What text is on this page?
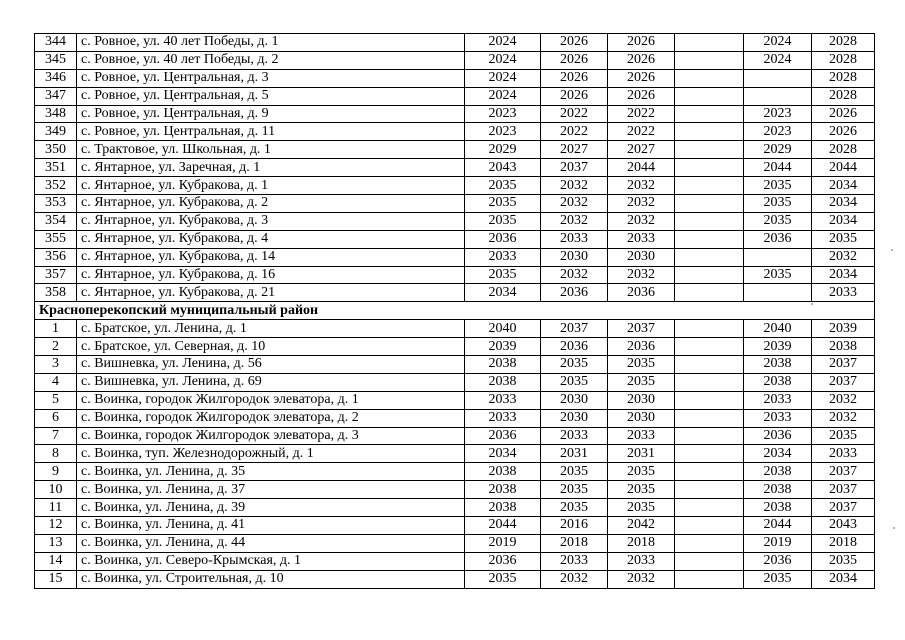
344	с. Ровное, ул. 40 лет Победы, д. 1	2024	2026	2026		2024	2028
345	с. Ровное, ул. 40 лет Победы, д. 2	2024	2026	2026		2024	2028
346	с. Ровное, ул. Центральная, д. 3	2024	2026	2026			2028
347	с. Ровное, ул. Центральная, д. 5	2024	2026	2026			2028
348	с. Ровное, ул. Центральная, д. 9	2023	2022	2022		2023	2026
349	с. Ровное, ул. Центральная, д. 11	2023	2022	2022		2023	2026
350	с. Трактовое, ул. Школьная, д. 1	2029	2027	2027		2029	2028
351	с. Янтарное, ул. Заречная, д. 1	2043	2037	2044		2044	2044
352	с. Янтарное, ул. Кубракова, д. 1	2035	2032	2032		2035	2034
353	с. Янтарное, ул. Кубракова, д. 2	2035	2032	2032		2035	2034
354	с. Янтарное, ул. Кубракова, д. 3	2035	2032	2032		2035	2034
355	с. Янтарное, ул. Кубракова, д. 4	2036	2033	2033		2036	2035
356	с. Янтарное, ул. Кубракова, д. 14	2033	2030	2030			2032
357	с. Янтарное, ул. Кубракова, д. 16	2035	2032	2032		2035	2034
358	с. Янтарное, ул. Кубракова, д. 21	2034	2036	2036			2033
Красноперекопский муниципальный район							
1	с. Братское, ул. Ленина, д. 1	2040	2037	2037		2040	2039
2	с. Братское, ул. Северная, д. 10	2039	2036	2036		2039	2038
3	с. Вишневка, ул. Ленина, д. 56	2038	2035	2035		2038	2037
4	с. Вишневка, ул. Ленина, д. 69	2038	2035	2035		2038	2037
5	с. Воинка, городок Жилгородок элеватора, д. 1	2033	2030	2030		2033	2032
6	с. Воинка, городок Жилгородок элеватора, д. 2	2033	2030	2030		2033	2032
7	с. Воинка, городок Жилгородок элеватора, д. 3	2036	2033	2033		2036	2035
8	с. Воинка, туп. Железнодорожный, д. 1	2034	2031	2031		2034	2033
9	с. Воинка, ул. Ленина, д. 35	2038	2035	2035		2038	2037
10	с. Воинка, ул. Ленина, д. 37	2038	2035	2035		2038	2037
11	с. Воинка, ул. Ленина, д. 39	2038	2035	2035		2038	2037
12	с. Воинка, ул. Ленина, д. 41	2044	2016	2042		2044	2043
13	с. Воинка, ул. Ленина, д. 44	2019	2018	2018		2019	2018
14	с. Воинка, ул. Северо-Крымская, д. 1	2036	2033	2033		2036	2035
15	с. Воинка, ул. Строительная, д. 10	2035	2032	2032		2035	2034
